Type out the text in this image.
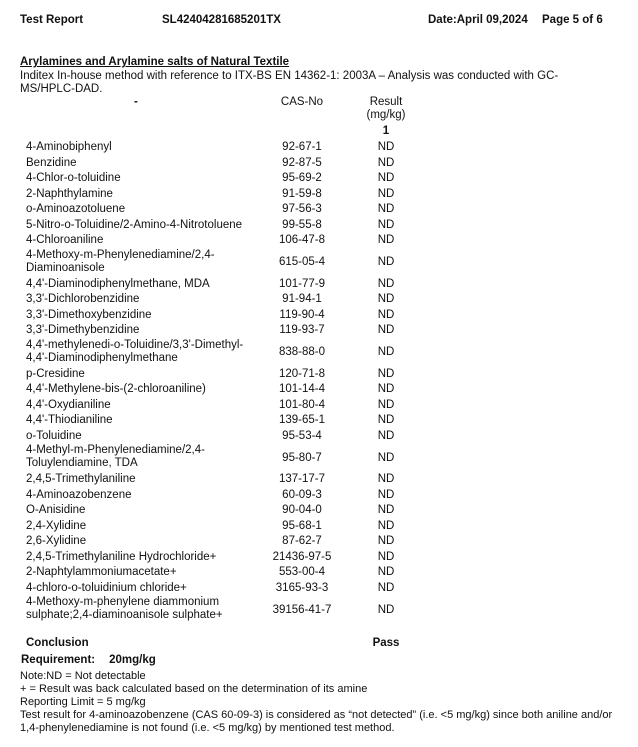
Test Report	SL42404281685201TX	Date:April 09,2024 Page 5 of 6
Arylamines and Arylamine salts of Natural Textile
Inditex In-house method with reference to ITX-BS EN 14362-1: 2003A – Analysis was conducted with GC-MS/HPLC-DAD.
-	CAS-No	Result (mg/kg)
1
4-Aminobiphenyl	92-67-1	ND
Benzidine	92-87-5	ND
4-Chlor-o-toluidine	95-69-2	ND
2-Naphthylamine	91-59-8	ND
o-Aminoazotoluene	97-56-3	ND
5-Nitro-o-Toluidine/2-Amino-4-Nitrotoluene	99-55-8	ND
4-Chloroaniline	106-47-8	ND
4-Methoxy-m-Phenylenediamine/2,4-Diaminoanisole	615-05-4	ND
4,4'-Diaminodiphenylmethane, MDA	101-77-9	ND
3,3'-Dichlorobenzidine	91-94-1	ND
3,3'-Dimethoxybenzidine	119-90-4	ND
3,3'-Dimethybenzidine	119-93-7	ND
4,4'-methylenedi-o-Toluidine/3,3'-Dimethyl-4,4'-Diaminodiphenylmethane	838-88-0	ND
p-Cresidine	120-71-8	ND
4,4'-Methylene-bis-(2-chloroaniline)	101-14-4	ND
4,4'-Oxydianiline	101-80-4	ND
4,4'-Thiodianiline	139-65-1	ND
o-Toluidine	95-53-4	ND
4-Methyl-m-Phenylenediamine/2,4-Toluylendiamine, TDA	95-80-7	ND
2,4,5-Trimethylaniline	137-17-7	ND
4-Aminoazobenzene	60-09-3	ND
O-Anisidine	90-04-0	ND
2,4-Xylidine	95-68-1	ND
2,6-Xylidine	87-62-7	ND
2,4,5-Trimethylaniline Hydrochloride+	21436-97-5	ND
2-Naphtylammoniumacetate+	553-00-4	ND
4-chloro-o-toluidinium chloride+	3165-93-3	ND
4-Methoxy-m-phenylene diammonium sulphate;2,4-diaminoanisole sulphate+	39156-41-7	ND
Conclusion	Pass
Requirement: 20mg/kg
Note:ND = Not detectable
+ = Result was back calculated based on the determination of its amine
Reporting Limit = 5 mg/kg
Test result for 4-aminoazobenzene (CAS 60-09-3) is considered as “not detected” (i.e. <5 mg/kg) since both aniline and/or 1,4-phenylenediamine is not found (i.e. <5 mg/kg) by mentioned test method.
